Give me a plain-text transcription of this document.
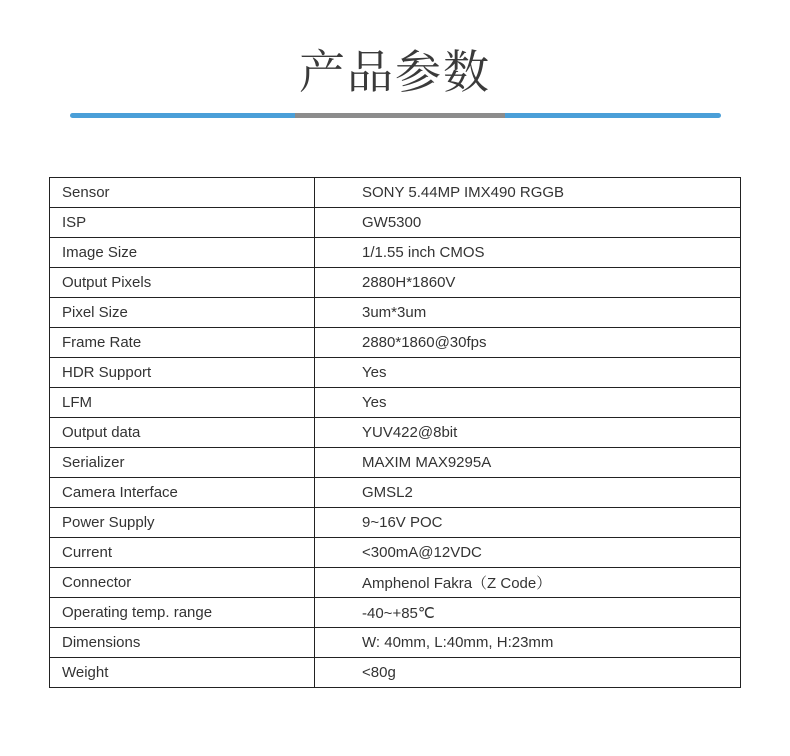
产品参数
Sensor	SONY 5.44MP IMX490 RGGB
ISP	GW5300
Image Size	1/1.55 inch CMOS
Output Pixels	2880H*1860V
Pixel Size	3um*3um
Frame Rate	2880*1860@30fps
HDR Support	Yes
LFM	Yes
Output data	YUV422@8bit
Serializer	MAXIM MAX9295A
Camera Interface	GMSL2
Power Supply	9~16V POC
Current	<300mA@12VDC
Connector	Amphenol Fakra（Z Code）
Operating temp. range	-40~+85℃
Dimensions	W: 40mm, L:40mm, H:23mm
Weight	<80g
